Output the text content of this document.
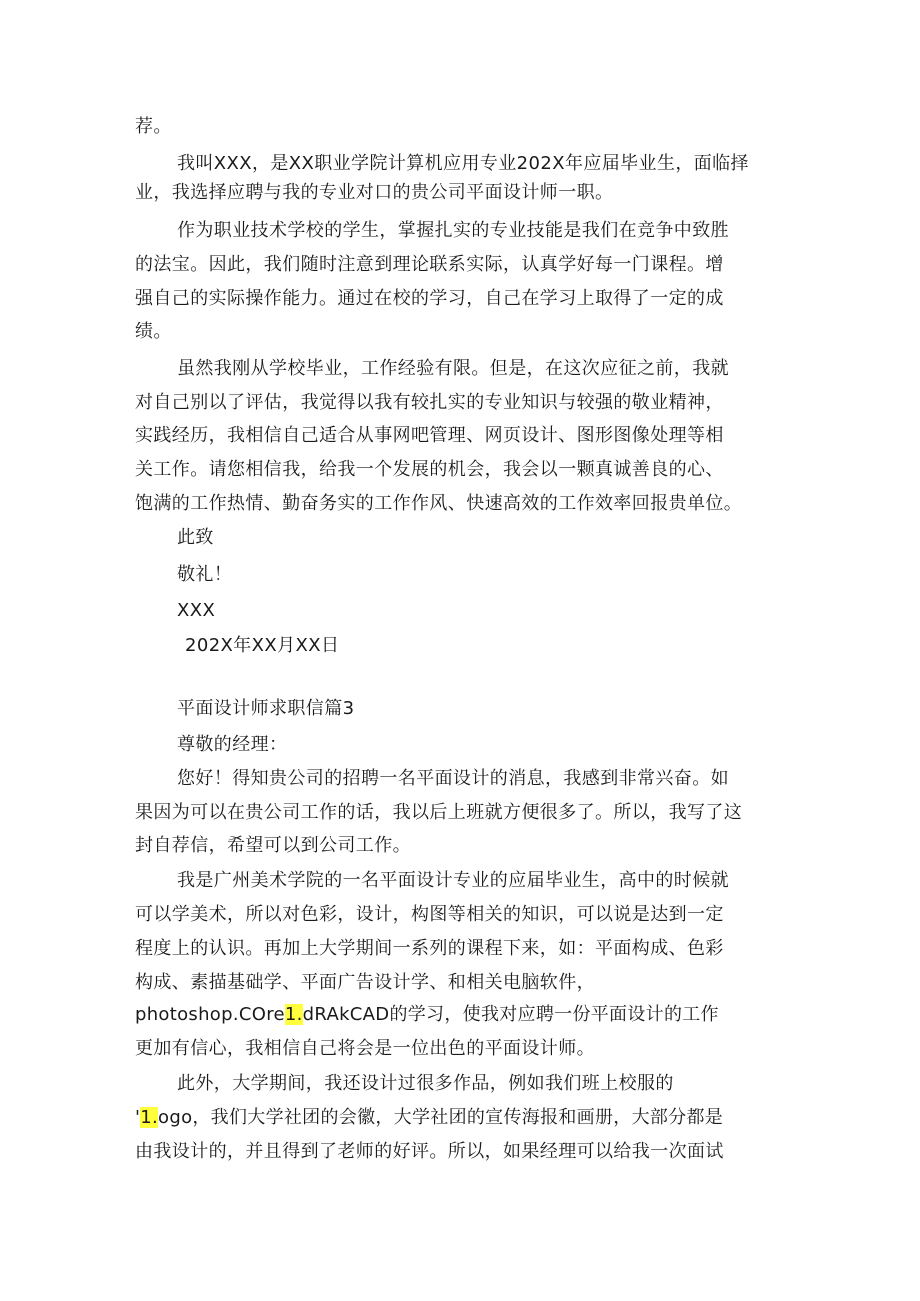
荐。
我叫XXX，是XX职业学院计算机应用专业202X年应届毕业生，面临择
业，我选择应聘与我的专业对口的贵公司平面设计师一职。
作为职业技术学校的学生，掌握扎实的专业技能是我们在竞争中致胜
的法宝。因此，我们随时注意到理论联系实际，认真学好每一门课程。增
强自己的实际操作能力。通过在校的学习，自己在学习上取得了一定的成
绩。
虽然我刚从学校毕业，工作经验有限。但是，在这次应征之前，我就
对自己别以了评估，我觉得以我有较扎实的专业知识与较强的敬业精神，
实践经历，我相信自己适合从事网吧管理、网页设计、图形图像处理等相
关工作。请您相信我，给我一个发展的机会，我会以一颗真诚善良的心、
饱满的工作热情、勤奋务实的工作作风、快速高效的工作效率回报贵单位。
此致
敬礼！
XXX
202X年XX月XX日
平面设计师求职信篇3
尊敬的经理：
您好！得知贵公司的招聘一名平面设计的消息，我感到非常兴奋。如
果因为可以在贵公司工作的话，我以后上班就方便很多了。所以，我写了这
封自荐信，希望可以到公司工作。
我是广州美术学院的一名平面设计专业的应届毕业生，高中的时候就
可以学美术，所以对色彩，设计，构图等相关的知识，可以说是达到一定
程度上的认识。再加上大学期间一系列的课程下来，如：平面构成、色彩
构成、素描基础学、平面广告设计学、和相关电脑软件，
photoshop.COre1.dRAkCAD的学习，使我对应聘一份平面设计的工作
更加有信心，我相信自己将会是一位出色的平面设计师。
此外，大学期间，我还设计过很多作品，例如我们班上校服的
'1.ogo，我们大学社团的会徽，大学社团的宣传海报和画册，大部分都是
由我设计的，并且得到了老师的好评。所以，如果经理可以给我一次面试
